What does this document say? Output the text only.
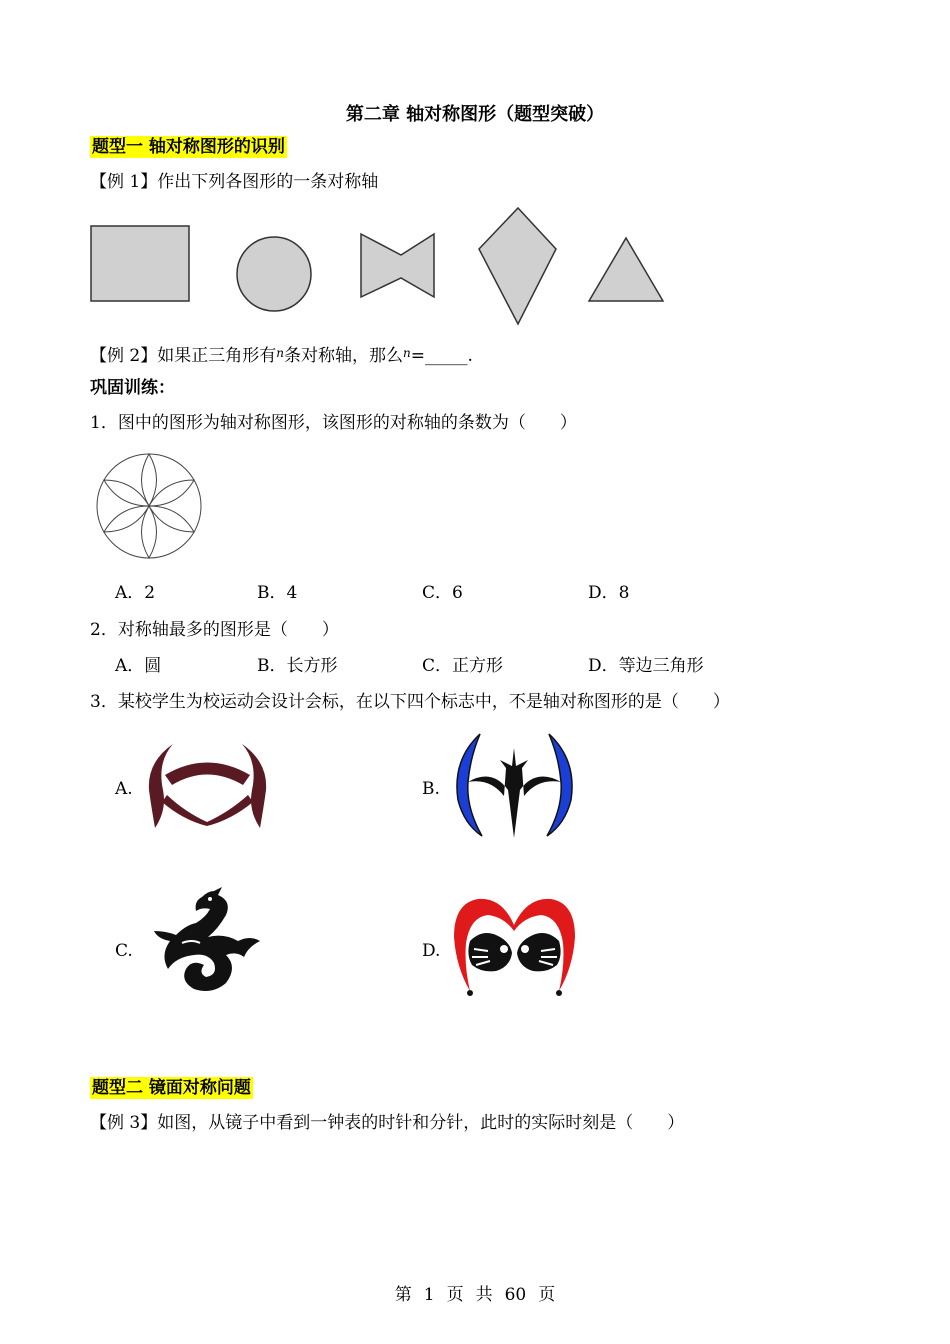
第二章 轴对称图形（题型突破）
题型一 轴对称图形的识别
【例 1】作出下列各图形的一条对称轴
【例 2】如果正三角形有$^n$条对称轴，那么$^n$=_____.
巩固训练：
1．图中的图形为轴对称图形，该图形的对称轴的条数为（　　）
A．2	B．4	C．6	D．8
2．对称轴最多的图形是（　　）
A．圆	B．长方形	C．正方形	D．等边三角形
3．某校学生为校运动会设计会标，在以下四个标志中，不是轴对称图形的是（　　）
A.	B.
C.	D.
题型二 镜面对称问题
【例 3】如图，从镜子中看到一钟表的时针和分针，此时的实际时刻是（　　）
第 1 页 共 60 页
